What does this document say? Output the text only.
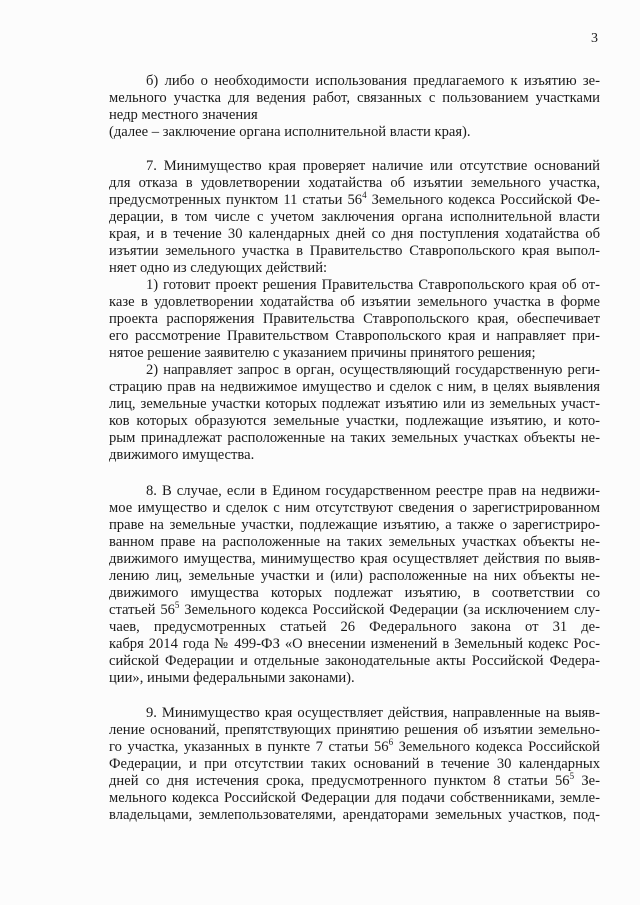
3
б) либо о необходимости использования предлагаемого к изъятию зе-
мельного участка для ведения работ, связанных с пользованием участками
недр местного значения
(далее – заключение органа исполнительной власти края).
7. Минимущество края проверяет наличие или отсутствие оснований
для отказа в удовлетворении ходатайства об изъятии земельного участка,
предусмотренных пунктом 11 статьи $56^4$ Земельного кодекса Российской Фе-
дерации, в том числе с учетом заключения органа исполнительной власти
края, и в течение 30 календарных дней со дня поступления ходатайства об
изъятии земельного участка в Правительство Ставропольского края выпол-
няет одно из следующих действий:
1) готовит проект решения Правительства Ставропольского края об от-
казе в удовлетворении ходатайства об изъятии земельного участка в форме
проекта распоряжения Правительства Ставропольского края, обеспечивает
его рассмотрение Правительством Ставропольского края и направляет при-
нятое решение заявителю с указанием причины принятого решения;
2) направляет запрос в орган, осуществляющий государственную реги-
страцию прав на недвижимое имущество и сделок с ним, в целях выявления
лиц, земельные участки которых подлежат изъятию или из земельных участ-
ков которых образуются земельные участки, подлежащие изъятию, и кото-
рым принадлежат расположенные на таких земельных участках объекты не-
движимого имущества.
8. В случае, если в Едином государственном реестре прав на недвижи-
мое имущество и сделок с ним отсутствуют сведения о зарегистрированном
праве на земельные участки, подлежащие изъятию, а также о зарегистриро-
ванном праве на расположенные на таких земельных участках объекты не-
движимого имущества, минимущество края осуществляет действия по выяв-
лению лиц, земельные участки и (или) расположенные на них объекты не-
движимого имущества которых подлежат изъятию, в соответствии со
статьей $56^5$ Земельного кодекса Российской Федерации (за исключением слу-
чаев, предусмотренных статьей 26 Федерального закона от 31 де-
кабря 2014 года № 499-ФЗ «О внесении изменений в Земельный кодекс Рос-
сийской Федерации и отдельные законодательные акты Российской Федера-
ции», иными федеральными законами).
9. Минимущество края осуществляет действия, направленные на выяв-
ление оснований, препятствующих принятию решения об изъятии земельно-
го участка, указанных в пункте 7 статьи $56^6$ Земельного кодекса Российской
Федерации, и при отсутствии таких оснований в течение 30 календарных
дней со дня истечения срока, предусмотренного пунктом 8 статьи $56^5$ Зе-
мельного кодекса Российской Федерации для подачи собственниками, земле-
владельцами, землепользователями, арендаторами земельных участков, под-
